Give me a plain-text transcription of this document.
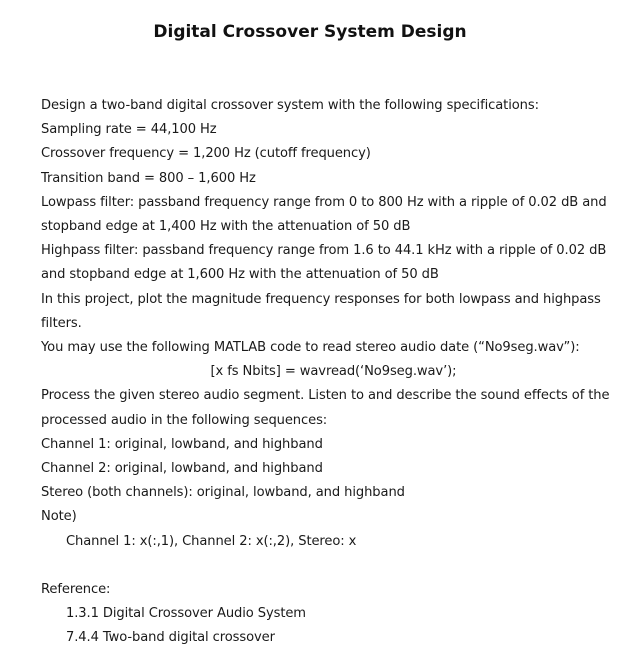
Digital Crossover System Design
Design a two-band digital crossover system with the following specifications:
Sampling rate = 44,100 Hz
Crossover frequency = 1,200 Hz (cutoff frequency)
Transition band = 800 – 1,600 Hz
Lowpass filter: passband frequency range from 0 to 800 Hz with a ripple of 0.02 dB and
stopband edge at 1,400 Hz with the attenuation of 50 dB
Highpass filter: passband frequency range from 1.6 to 44.1 kHz with a ripple of 0.02 dB
and stopband edge at 1,600 Hz with the attenuation of 50 dB
In this project, plot the magnitude frequency responses for both lowpass and highpass
filters.
You may use the following MATLAB code to read stereo audio date (“No9seg.wav”):
[x fs Nbits] = wavread(‘No9seg.wav’);
Process the given stereo audio segment. Listen to and describe the sound effects of the
processed audio in the following sequences:
Channel 1: original, lowband, and highband
Channel 2: original, lowband, and highband
Stereo (both channels): original, lowband, and highband
Note)
Channel 1: x(:,1), Channel 2: x(:,2), Stereo: x
Reference:
1.3.1 Digital Crossover Audio System
7.4.4 Two-band digital crossover
